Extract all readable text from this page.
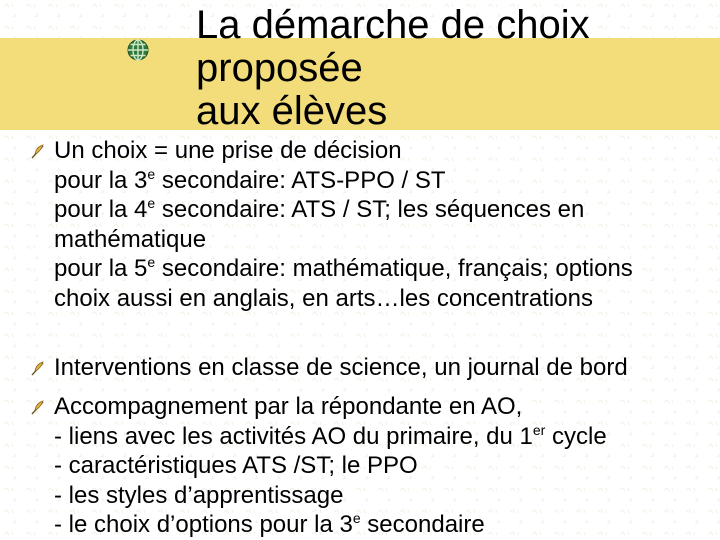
La démarche de choix
proposée
aux élèves
Un choix = une prise de décision
pour la 3e secondaire: ATS-PPO / ST
pour la 4e secondaire: ATS / ST; les séquences en
mathématique
pour la 5e secondaire: mathématique, français; options
choix aussi en anglais, en arts…les concentrations
Interventions en classe de science, un journal de bord
Accompagnement par la répondante en AO,
- liens avec les activités AO du primaire, du 1er cycle
- caractéristiques ATS /ST; le PPO
- les styles d’apprentissage
- le choix d’options pour la 3e secondaire
